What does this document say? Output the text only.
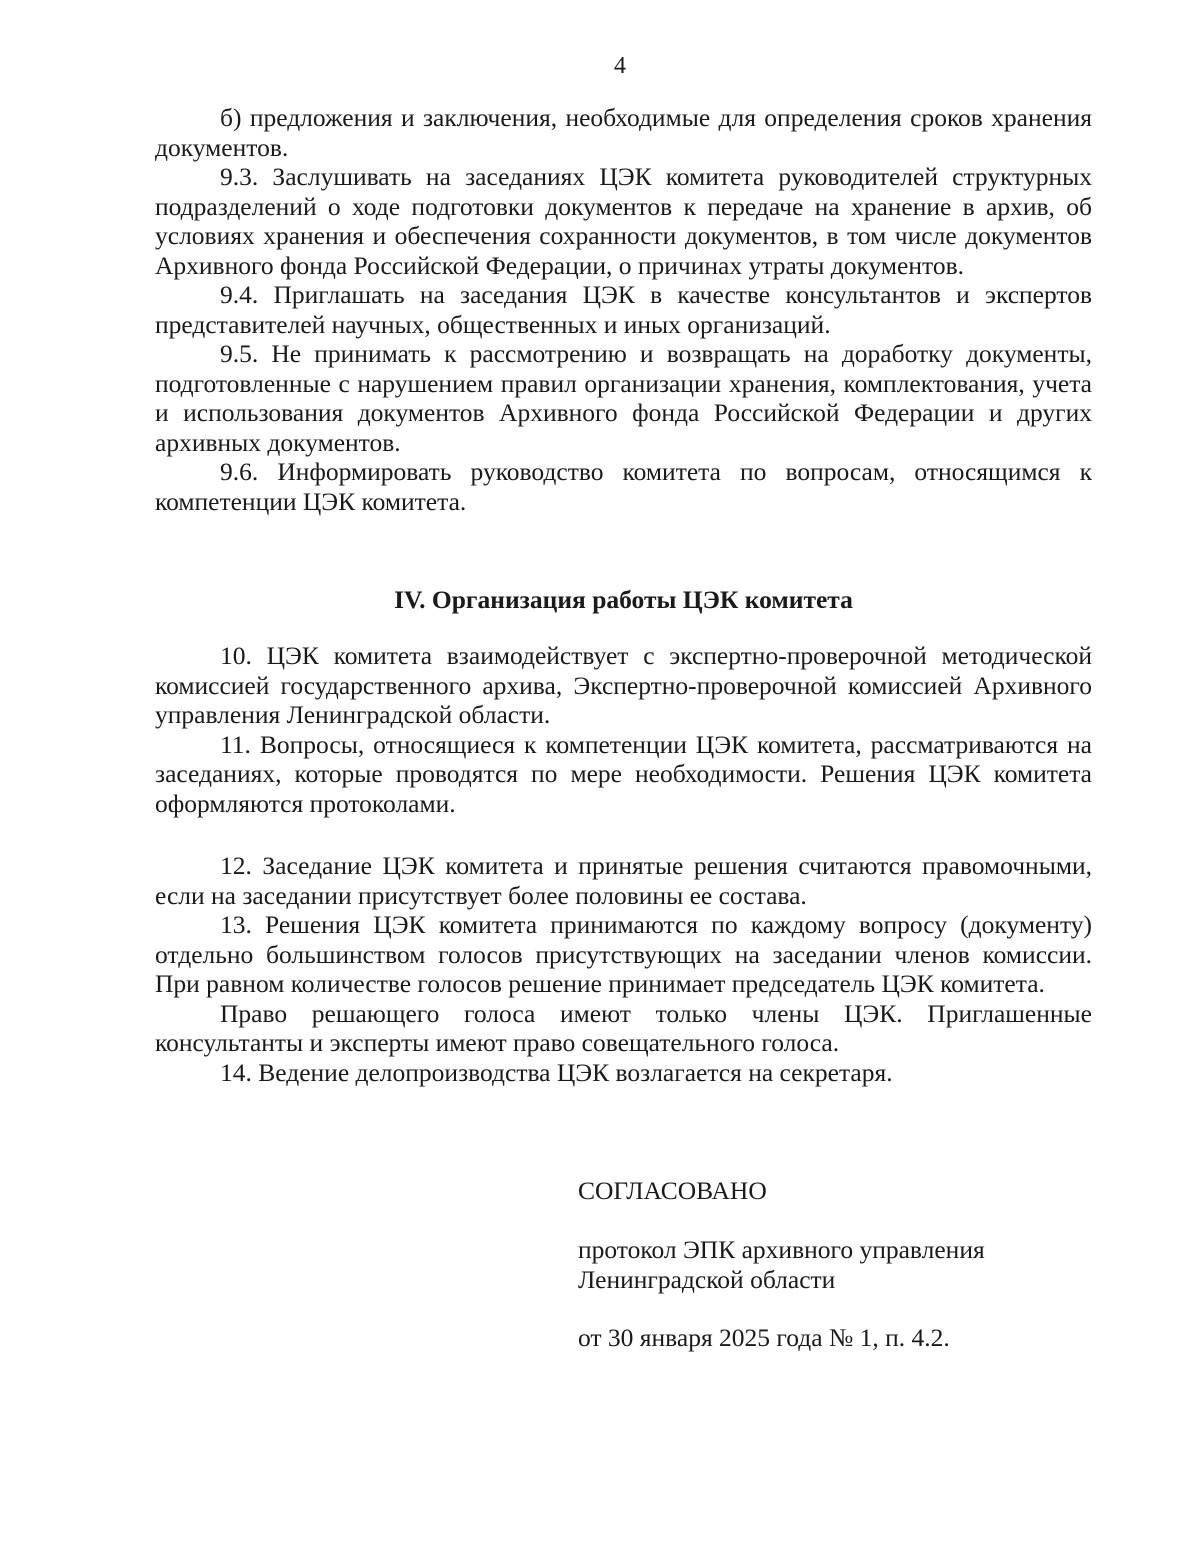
4

б) предложения и заключения, необходимые для определения сроков хранения документов.

9.3. Заслушивать на заседаниях ЦЭК комитета руководителей структурных подразделений о ходе подготовки документов к передаче на хранение в архив, об условиях хранения и обеспечения сохранности документов, в том числе документов Архивного фонда Российской Федерации, о причинах утраты документов.

9.4. Приглашать на заседания ЦЭК в качестве консультантов и экспертов представителей научных, общественных и иных организаций.

9.5. Не принимать к рассмотрению и возвращать на доработку документы, подготовленные с нарушением правил организации хранения, комплектования, учета и использования документов Архивного фонда Российской Федерации и других архивных документов.

9.6. Информировать руководство комитета по вопросам, относящимся к компетенции ЦЭК комитета.

IV. Организация работы ЦЭК комитета

10. ЦЭК комитета взаимодействует с экспертно-проверочной методической комиссией государственного архива, Экспертно-проверочной комиссией Архивного управления Ленинградской области.

11. Вопросы, относящиеся к компетенции ЦЭК комитета, рассматриваются на заседаниях, которые проводятся по мере необходимости. Решения ЦЭК комитета оформляются протоколами.

12. Заседание ЦЭК комитета и принятые решения считаются правомочными, если на заседании присутствует более половины ее состава.

13. Решения ЦЭК комитета принимаются по каждому вопросу (документу) отдельно большинством голосов присутствующих на заседании членов комиссии. При равном количестве голосов решение принимает председатель ЦЭК комитета.

Право решающего голоса имеют только члены ЦЭК. Приглашенные консультанты и эксперты имеют право совещательного голоса.

14. Ведение делопроизводства ЦЭК возлагается на секретаря.

СОГЛАСОВАНО

протокол ЭПК архивного управления
Ленинградской области

от 30 января 2025 года № 1, п. 4.2.
